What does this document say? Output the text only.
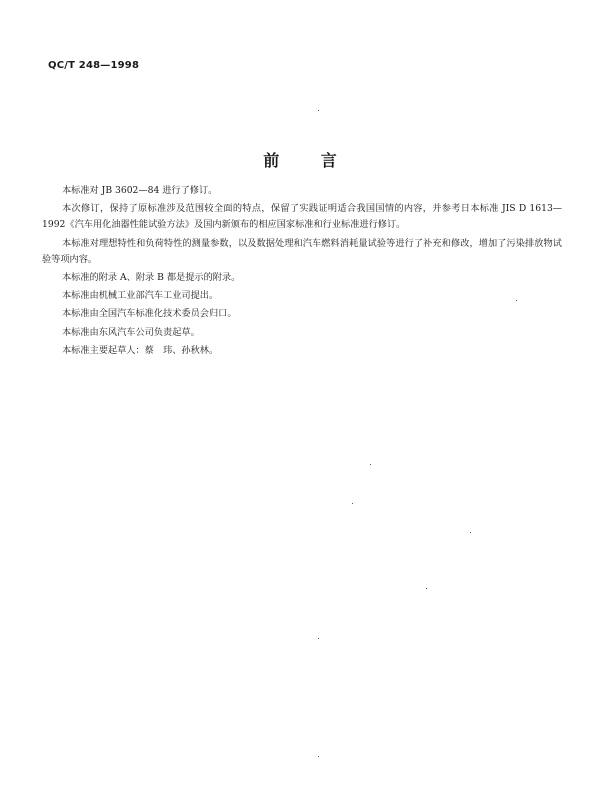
QC/T 248—1998
前 言

本标准对 JB 3602—84 进行了修订。

本次修订，保持了原标准涉及范围较全面的特点，保留了实践证明适合我国国情的内容，并参考日本标准 JIS D 1613—1992《汽车用化油器性能试验方法》及国内新颁布的相应国家标准和行业标准进行修订。

本标准对理想特性和负荷特性的测量参数，以及数据处理和汽车燃料消耗量试验等进行了补充和修改，增加了污染排放物试验等项内容。

本标准的附录 A、附录 B 都是提示的附录。

本标准由机械工业部汽车工业司提出。

本标准由全国汽车标准化技术委员会归口。

本标准由东风汽车公司负责起草。

本标准主要起草人：蔡　玮、孙秋林。
